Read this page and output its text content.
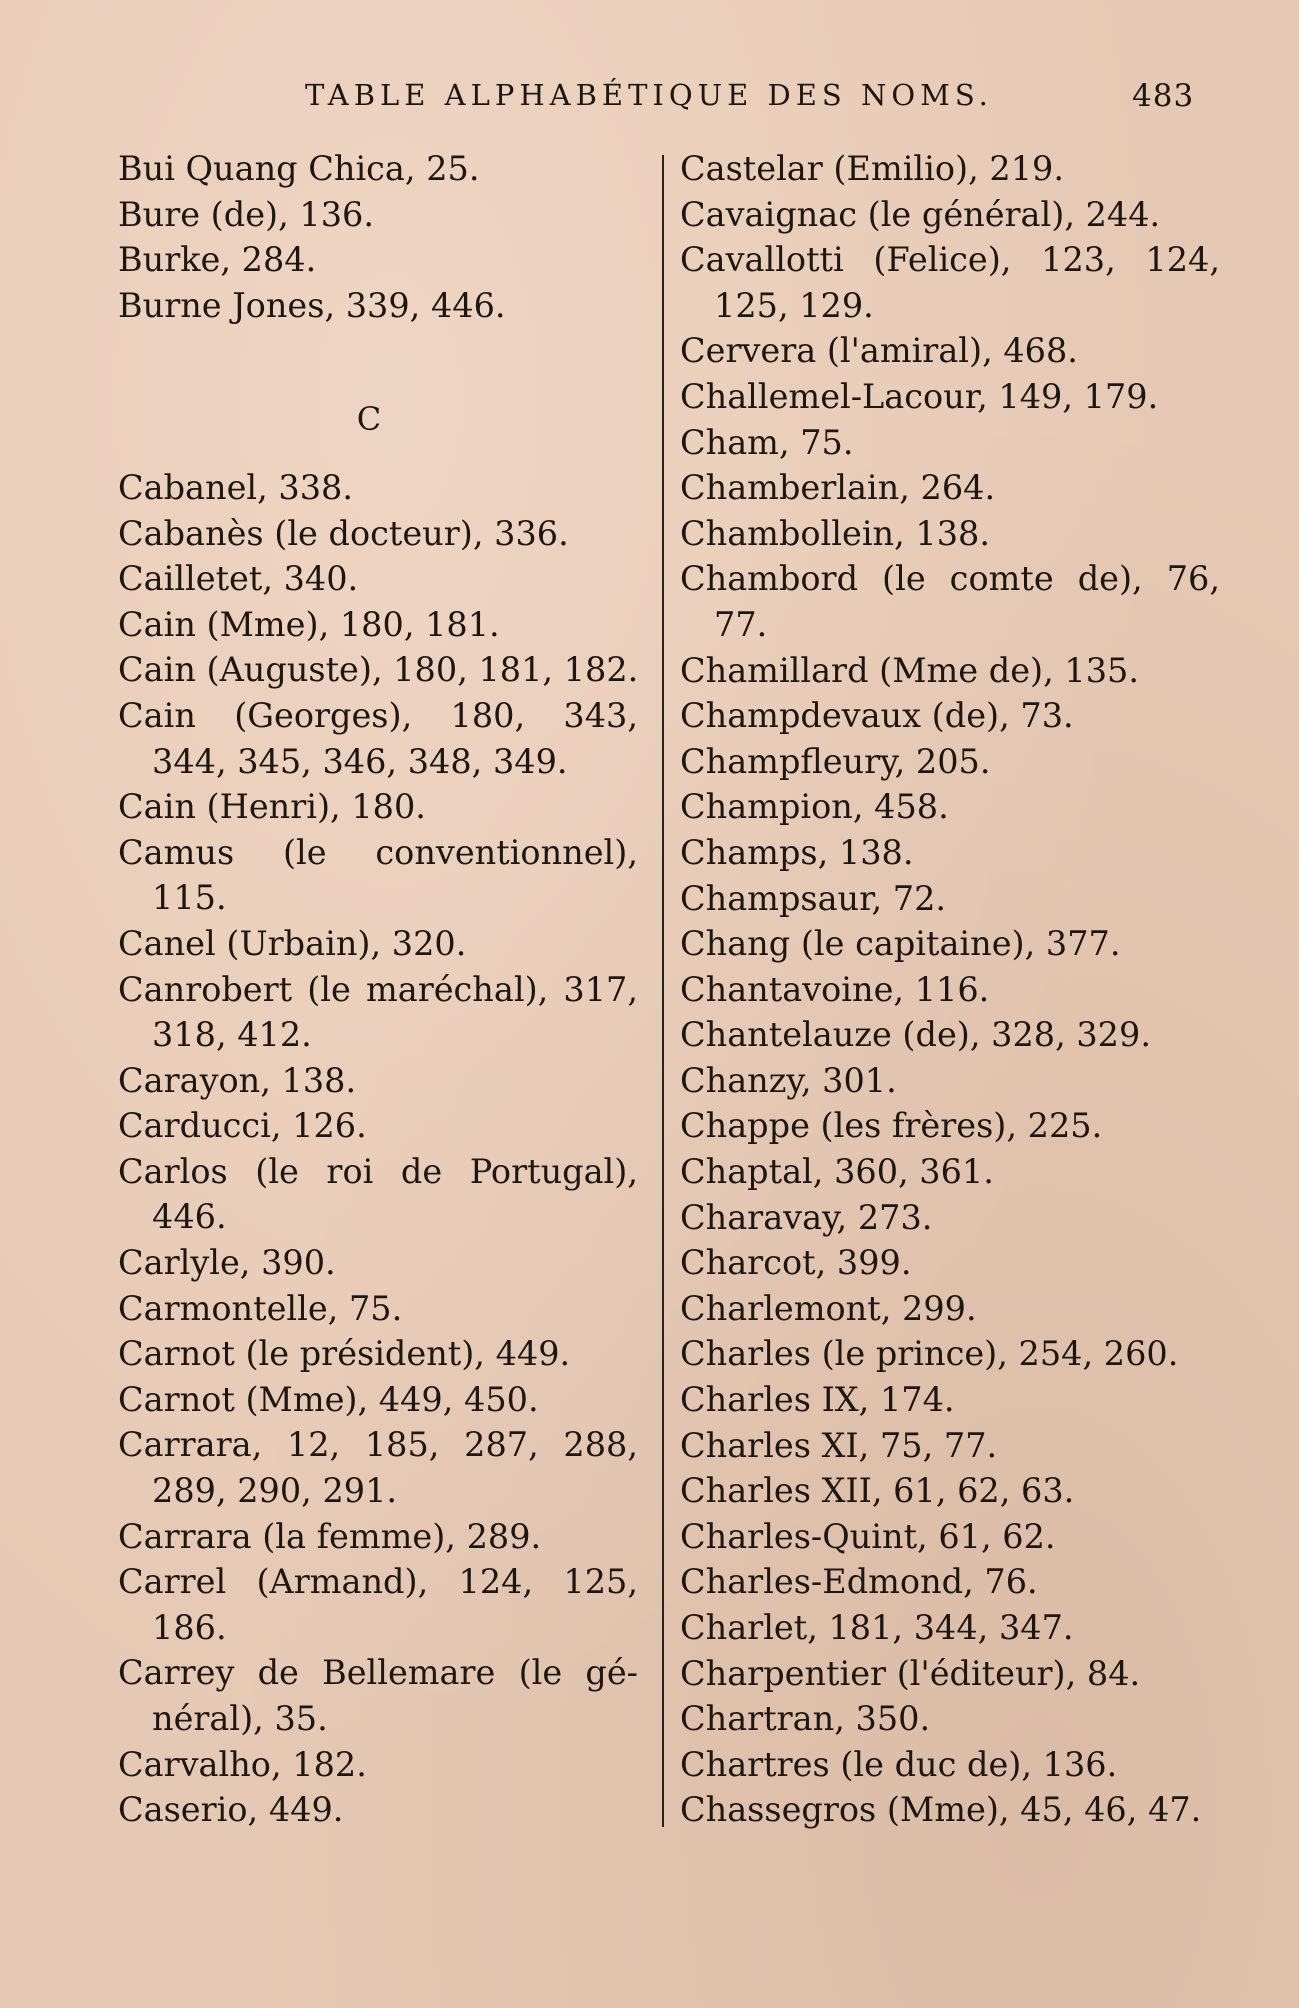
TABLE ALPHABÉTIQUE DES NOMS.	483
Bui Quang Chica, 25.
Bure (de), 136.
Burke, 284.
Burne Jones, 339, 446.
C
Cabanel, 338.
Cabanès (le docteur), 336.
Cailletet, 340.
Cain (Mme), 180, 181.
Cain (Auguste), 180, 181, 182.
Cain (Georges), 180, 343,
344, 345, 346, 348, 349.
Cain (Henri), 180.
Camus (le conventionnel),
115.
Canel (Urbain), 320.
Canrobert (le maréchal), 317,
318, 412.
Carayon, 138.
Carducci, 126.
Carlos (le roi de Portugal),
446.
Carlyle, 390.
Carmontelle, 75.
Carnot (le président), 449.
Carnot (Mme), 449, 450.
Carrara, 12, 185, 287, 288,
289, 290, 291.
Carrara (la femme), 289.
Carrel (Armand), 124, 125,
186.
Carrey de Bellemare (le gé-
néral), 35.
Carvalho, 182.
Caserio, 449.
Castelar (Emilio), 219.
Cavaignac (le général), 244.
Cavallotti (Felice), 123, 124,
125, 129.
Cervera (l'amiral), 468.
Challemel-Lacour, 149, 179.
Cham, 75.
Chamberlain, 264.
Chambollein, 138.
Chambord (le comte de), 76,
77.
Chamillard (Mme de), 135.
Champdevaux (de), 73.
Champfleury, 205.
Champion, 458.
Champs, 138.
Champsaur, 72.
Chang (le capitaine), 377.
Chantavoine, 116.
Chantelauze (de), 328, 329.
Chanzy, 301.
Chappe (les frères), 225.
Chaptal, 360, 361.
Charavay, 273.
Charcot, 399.
Charlemont, 299.
Charles (le prince), 254, 260.
Charles IX, 174.
Charles XI, 75, 77.
Charles XII, 61, 62, 63.
Charles-Quint, 61, 62.
Charles-Edmond, 76.
Charlet, 181, 344, 347.
Charpentier (l'éditeur), 84.
Chartran, 350.
Chartres (le duc de), 136.
Chassegros (Mme), 45, 46, 47.
